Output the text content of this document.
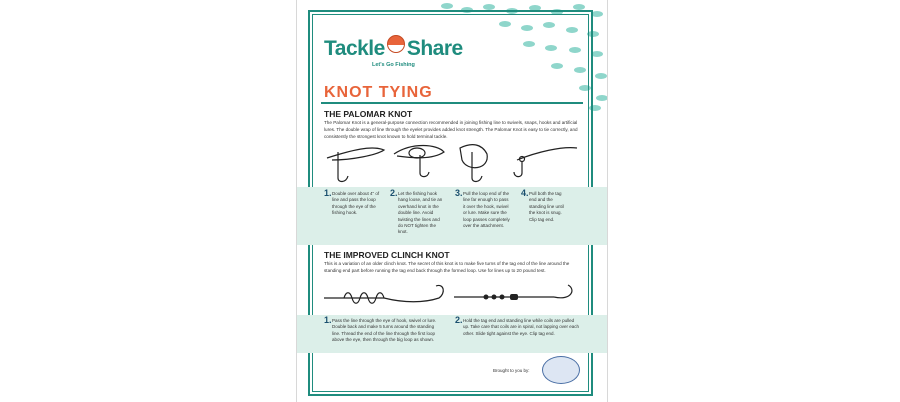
Tackle Share
Let's Go Fishing
KNOT TYING
THE PALOMAR KNOT
The Palomar Knot is a general-purpose connection recommended in joining fishing line to swivels, snaps, hooks and artificial lures. The double wrap of line through the eyelet provides added knot strength. The Palomar Knot is easy to tie correctly, and consistently the strongest knot known to hold terminal tackle.
1. Double over about 4" of line and pass the loop through the eye of the fishing hook.
2. Let the fishing hook hang loose, and tie an overhand knot in the double line. Avoid twisting the lines and do NOT tighten the knot.
3. Pull the loop end of the line far enough to pass it over the hook, swivel or lure. Make sure the loop passes completely over the attachment.
4. Pull both the tag end and the standing line until the knot is snug. Clip tag end.
THE IMPROVED CLINCH KNOT
This is a variation of an older clinch knot. The secret of this knot is to make five turns of the tag end of the line around the standing end part before running the tag end back through the formed loop. Use for lines up to 20 pound test.
1. Pass the line through the eye of hook, swivel or lure. Double back and make 5 turns around the standing line. Thread the end of the line through the first loop above the eye, then through the big loop as shown.
2. Hold the tag end and standing line while coils are pulled up. Take care that coils are in spiral, not lapping over each other. Slide tight against the eye. Clip tag end.
Brought to you by:
